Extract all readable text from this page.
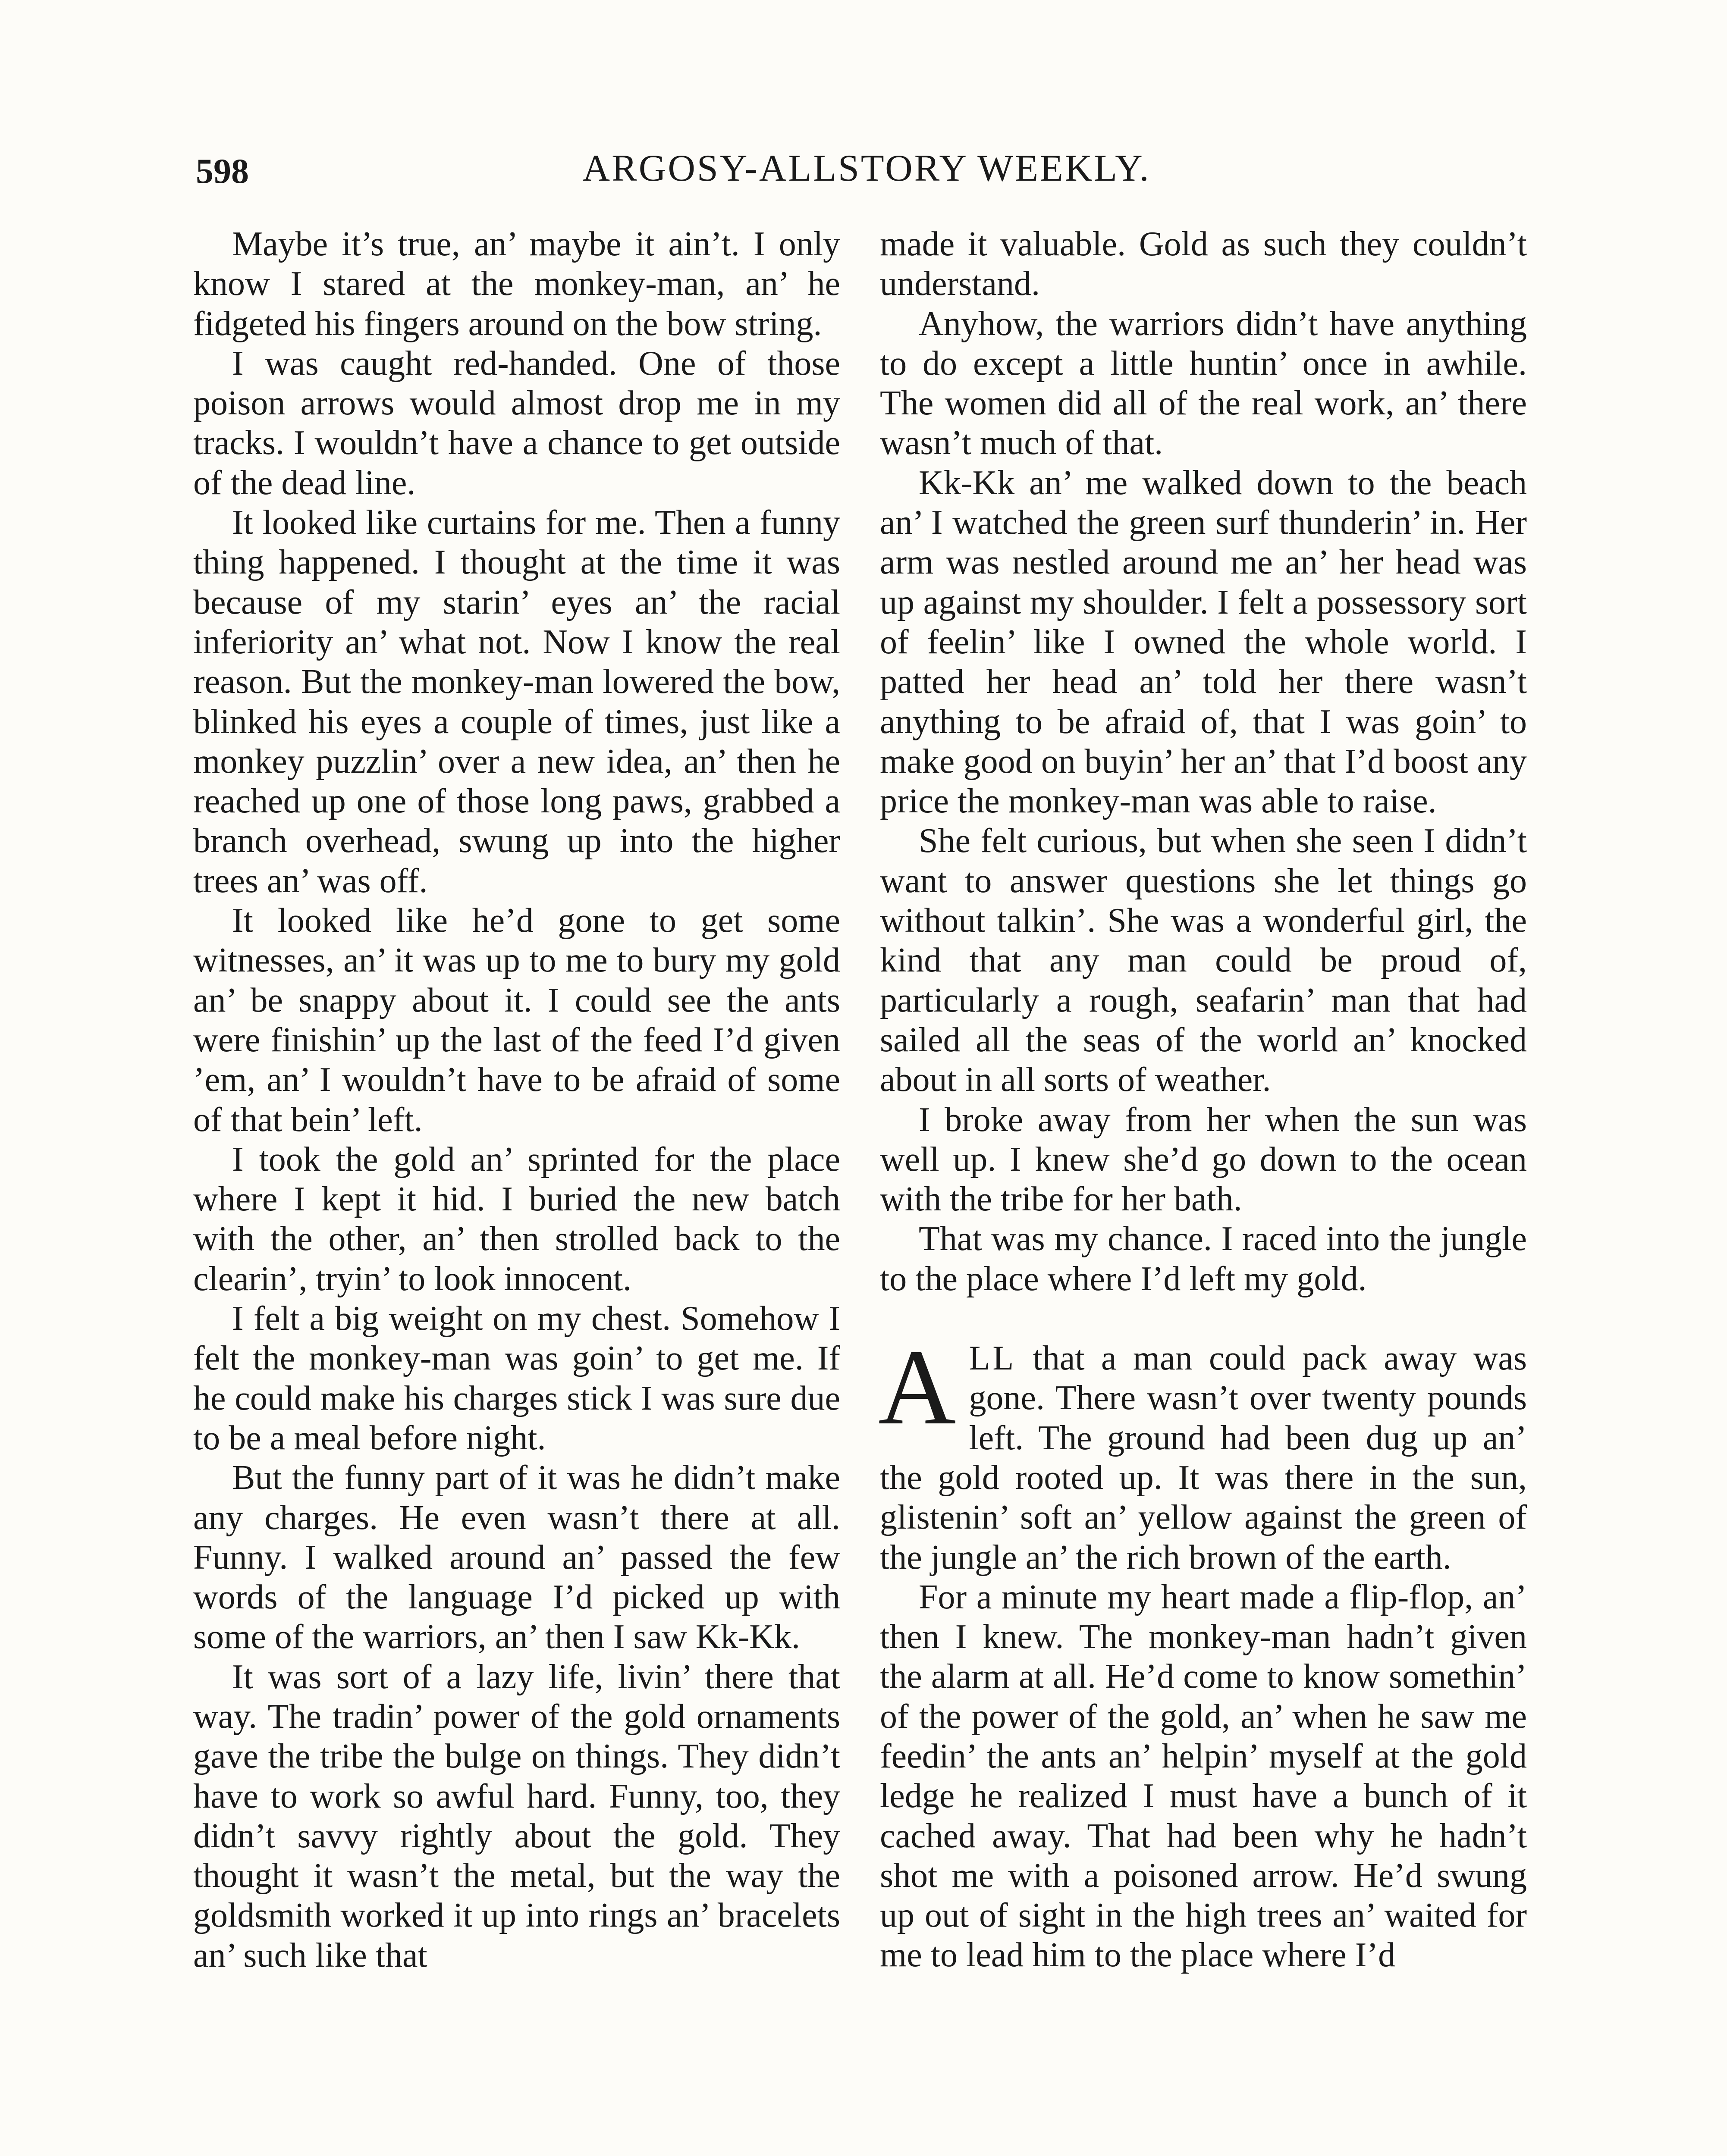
598	ARGOSY-ALLSTORY WEEKLY.

Maybe it’s true, an’ maybe it ain’t. I only know I stared at the monkey-man, an’ he fidgeted his fingers around on the bow string.

I was caught red-handed. One of those poison arrows would almost drop me in my tracks. I wouldn’t have a chance to get outside of the dead line.

It looked like curtains for me. Then a funny thing happened. I thought at the time it was because of my starin’ eyes an’ the racial inferiority an’ what not. Now I know the real reason. But the monkey-man lowered the bow, blinked his eyes a couple of times, just like a monkey puzzlin’ over a new idea, an’ then he reached up one of those long paws, grabbed a branch overhead, swung up into the higher trees an’ was off.

It looked like he’d gone to get some witnesses, an’ it was up to me to bury my gold an’ be snappy about it. I could see the ants were finishin’ up the last of the feed I’d given ’em, an’ I wouldn’t have to be afraid of some of that bein’ left.

I took the gold an’ sprinted for the place where I kept it hid. I buried the new batch with the other, an’ then strolled back to the clearin’, tryin’ to look innocent.

I felt a big weight on my chest. Somehow I felt the monkey-man was goin’ to get me. If he could make his charges stick I was sure due to be a meal before night.

But the funny part of it was he didn’t make any charges. He even wasn’t there at all. Funny. I walked around an’ passed the few words of the language I’d picked up with some of the warriors, an’ then I saw Kk-Kk.

It was sort of a lazy life, livin’ there that way. The tradin’ power of the gold ornaments gave the tribe the bulge on things. They didn’t have to work so awful hard. Funny, too, they didn’t savvy rightly about the gold. They thought it wasn’t the metal, but the way the goldsmith worked it up into rings an’ bracelets an’ such like that

made it valuable. Gold as such they couldn’t understand.

Anyhow, the warriors didn’t have anything to do except a little huntin’ once in awhile. The women did all of the real work, an’ there wasn’t much of that.

Kk-Kk an’ me walked down to the beach an’ I watched the green surf thunderin’ in. Her arm was nestled around me an’ her head was up against my shoulder. I felt a possessory sort of feelin’ like I owned the whole world. I patted her head an’ told her there wasn’t anything to be afraid of, that I was goin’ to make good on buyin’ her an’ that I’d boost any price the monkey-man was able to raise.

She felt curious, but when she seen I didn’t want to answer questions she let things go without talkin’. She was a wonderful girl, the kind that any man could be proud of, particularly a rough, seafarin’ man that had sailed all the seas of the world an’ knocked about in all sorts of weather.

I broke away from her when the sun was well up. I knew she’d go down to the ocean with the tribe for her bath.

That was my chance. I raced into the jungle to the place where I’d left my gold.

ALL that a man could pack away was gone. There wasn’t over twenty pounds left. The ground had been dug up an’ the gold rooted up. It was there in the sun, glistenin’ soft an’ yellow against the green of the jungle an’ the rich brown of the earth.

For a minute my heart made a flip-flop, an’ then I knew. The monkey-man hadn’t given the alarm at all. He’d come to know somethin’ of the power of the gold, an’ when he saw me feedin’ the ants an’ helpin’ myself at the gold ledge he realized I must have a bunch of it cached away. That had been why he hadn’t shot me with a poisoned arrow. He’d swung up out of sight in the high trees an’ waited for me to lead him to the place where I’d
